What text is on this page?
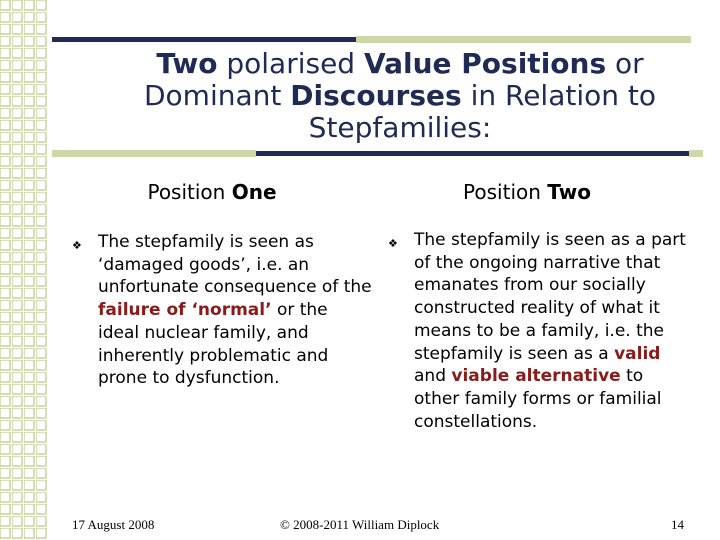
Two polarised Value Positions or Dominant Discourses in Relation to Stepfamilies:
Position One	Position Two
❖ The stepfamily is seen as ‘damaged goods’, i.e. an unfortunate consequence of the failure of ‘normal’ or the ideal nuclear family, and inherently problematic and prone to dysfunction.
❖ The stepfamily is seen as a part of the ongoing narrative that emanates from our socially constructed reality of what it means to be a family, i.e. the stepfamily is seen as a valid and viable alternative to other family forms or familial constellations.
17 August 2008	© 2008-2011 William Diplock	14
